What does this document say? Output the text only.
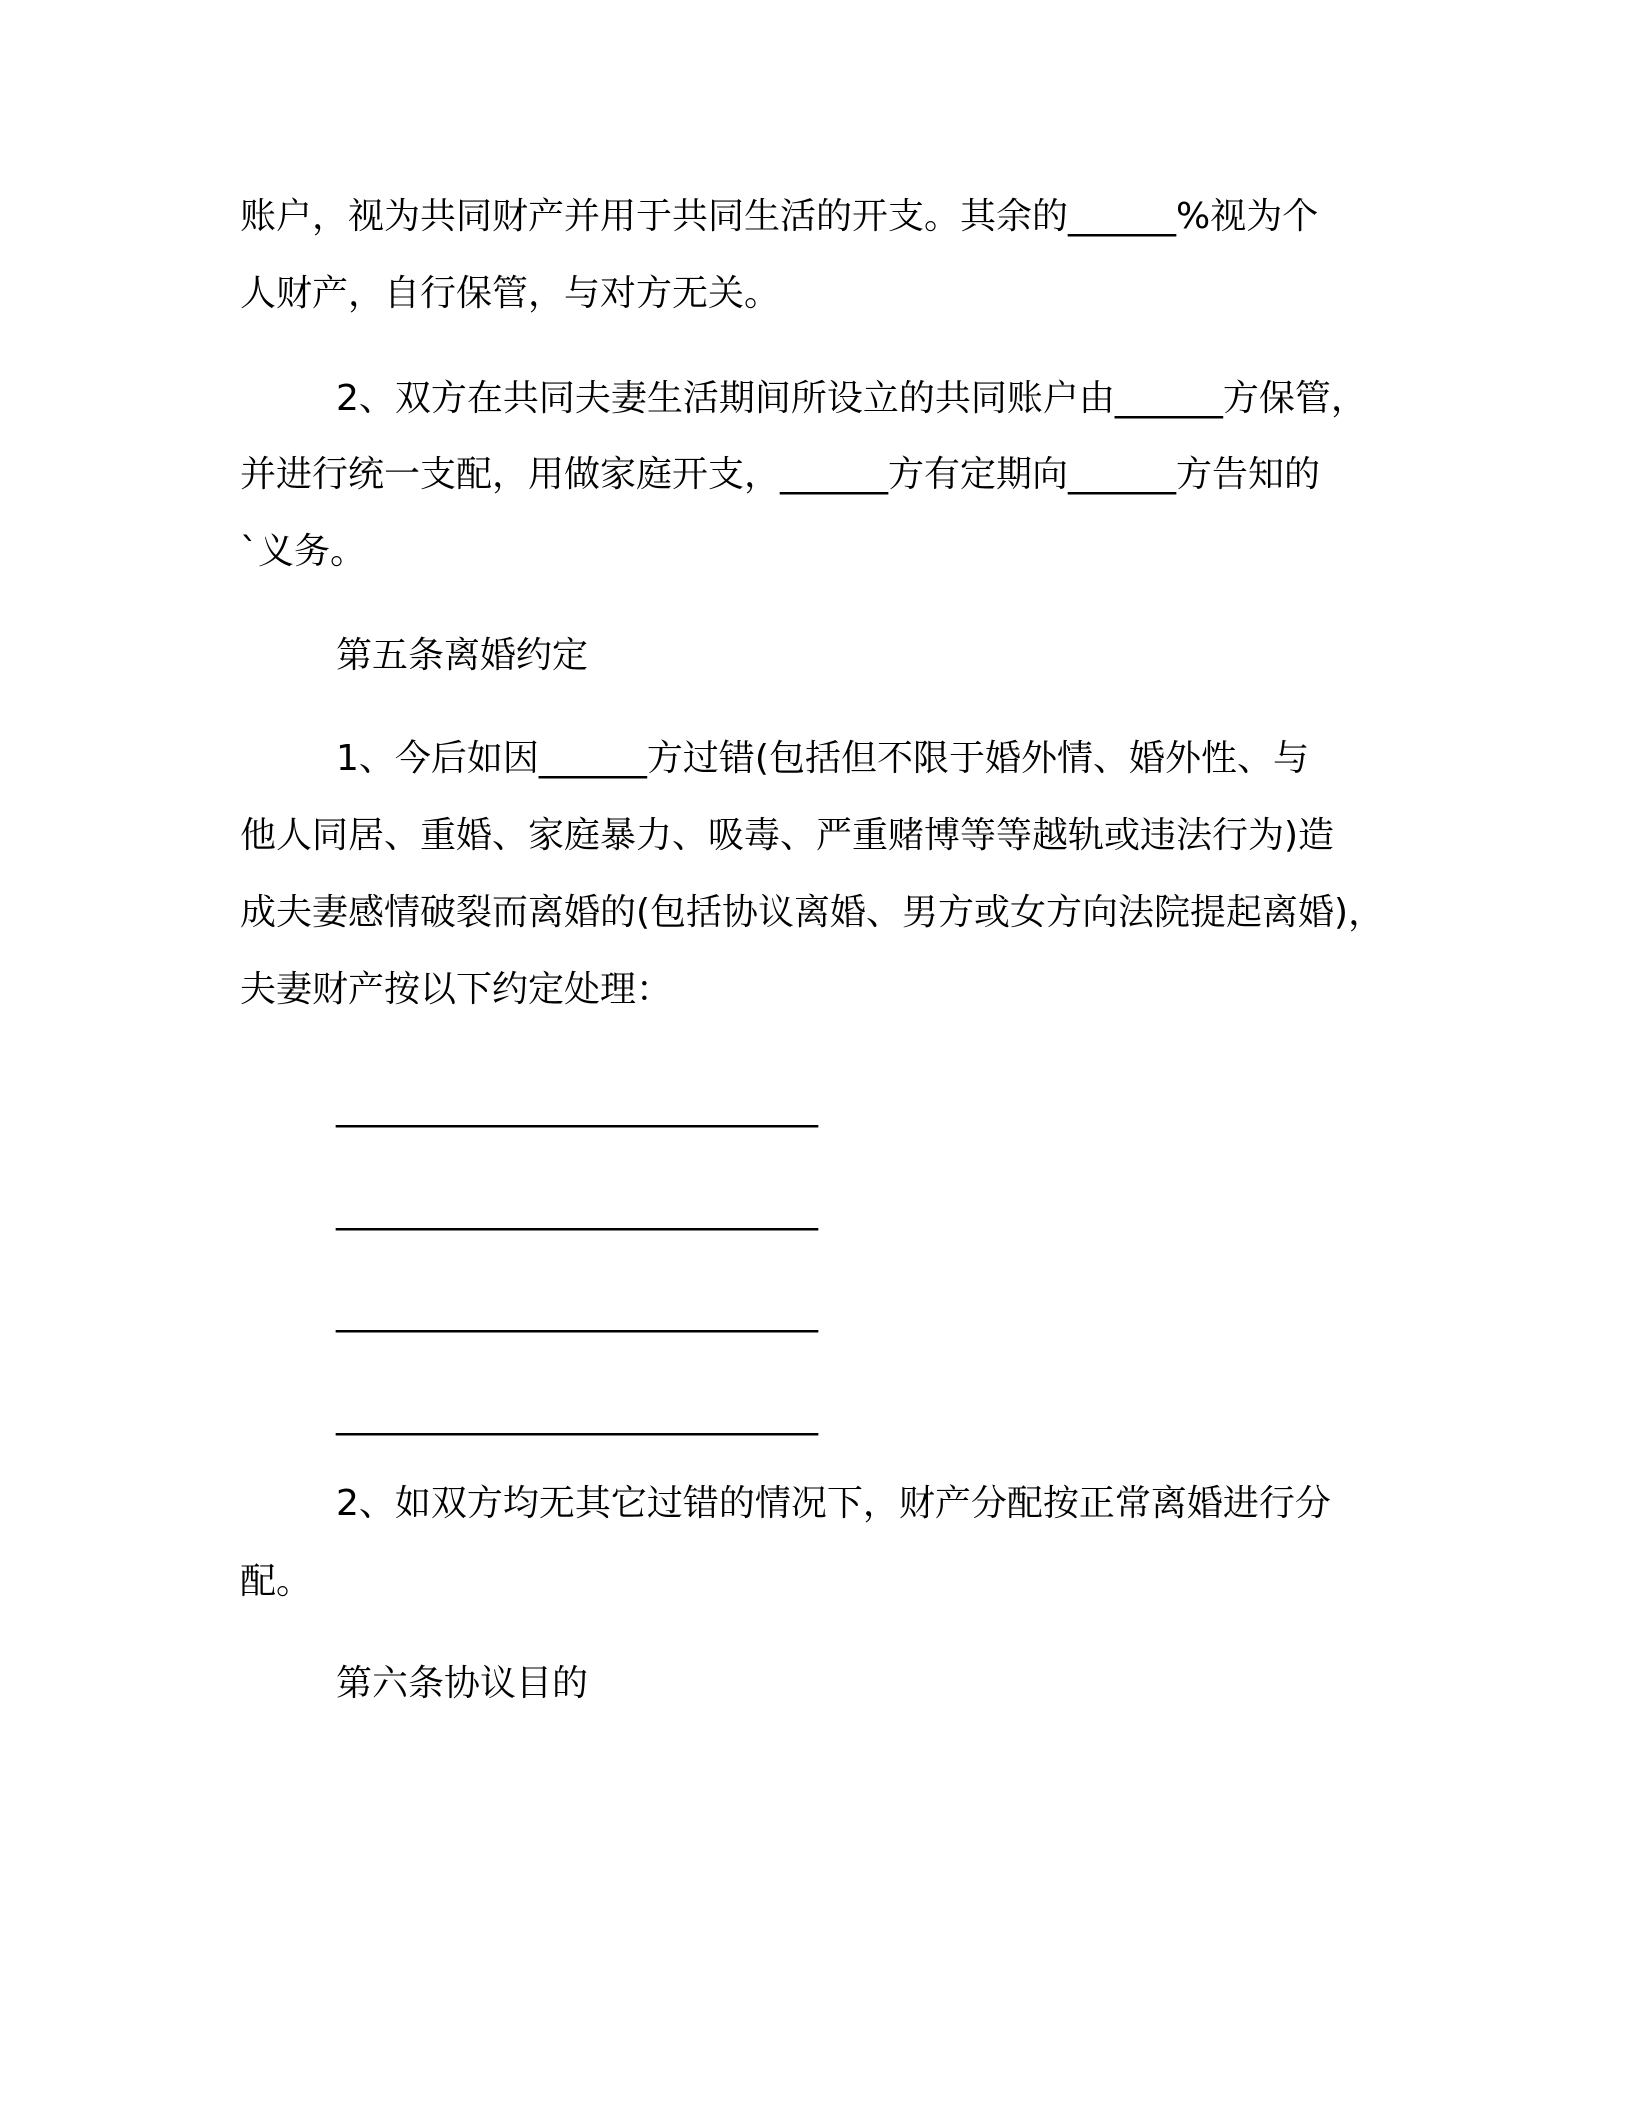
账户，视为共同财产并用于共同生活的开支。其余的______%视为个
人财产，自行保管，与对方无关。
2、双方在共同夫妻生活期间所设立的共同账户由______方保管，
并进行统一支配，用做家庭开支，______方有定期向______方告知的
`义务。
第五条离婚约定
1、今后如因______方过错(包括但不限于婚外情、婚外性、与
他人同居、重婚、家庭暴力、吸毒、严重赌博等等越轨或违法行为)造
成夫妻感情破裂而离婚的(包括协议离婚、男方或女方向法院提起离婚)，
夫妻财产按以下约定处理：
______________________________
______________________________
______________________________
______________________________
2、如双方均无其它过错的情况下，财产分配按正常离婚进行分
配。
第六条协议目的
